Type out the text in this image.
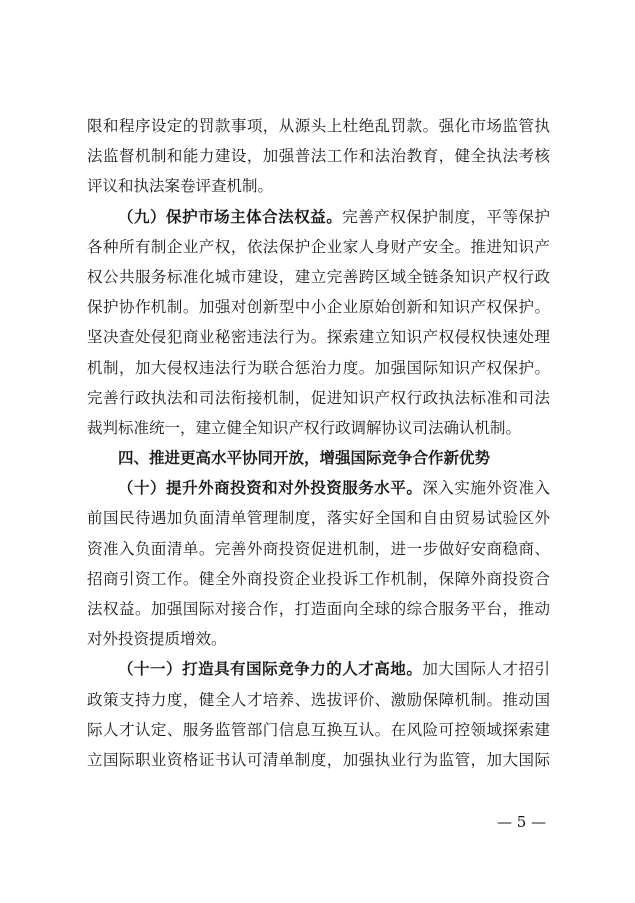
限和程序设定的罚款事项，从源头上杜绝乱罚款。强化市场监管执
法监督机制和能力建设，加强普法工作和法治教育，健全执法考核
评议和执法案卷评查机制。
（九）保护市场主体合法权益。完善产权保护制度，平等保护
各种所有制企业产权，依法保护企业家人身财产安全。推进知识产
权公共服务标准化城市建设，建立完善跨区域全链条知识产权行政
保护协作机制。加强对创新型中小企业原始创新和知识产权保护。
坚决查处侵犯商业秘密违法行为。探索建立知识产权侵权快速处理
机制，加大侵权违法行为联合惩治力度。加强国际知识产权保护。
完善行政执法和司法衔接机制，促进知识产权行政执法标准和司法
裁判标准统一，建立健全知识产权行政调解协议司法确认机制。
四、推进更高水平协同开放，增强国际竞争合作新优势
（十）提升外商投资和对外投资服务水平。深入实施外资准入
前国民待遇加负面清单管理制度，落实好全国和自由贸易试验区外
资准入负面清单。完善外商投资促进机制，进一步做好安商稳商、
招商引资工作。健全外商投资企业投诉工作机制，保障外商投资合
法权益。加强国际对接合作，打造面向全球的综合服务平台，推动
对外投资提质增效。
（十一）打造具有国际竞争力的人才高地。加大国际人才招引
政策支持力度，健全人才培养、选拔评价、激励保障机制。推动国
际人才认定、服务监管部门信息互换互认。在风险可控领域探索建
立国际职业资格证书认可清单制度，加强执业行为监管，加大国际
— 5 —
